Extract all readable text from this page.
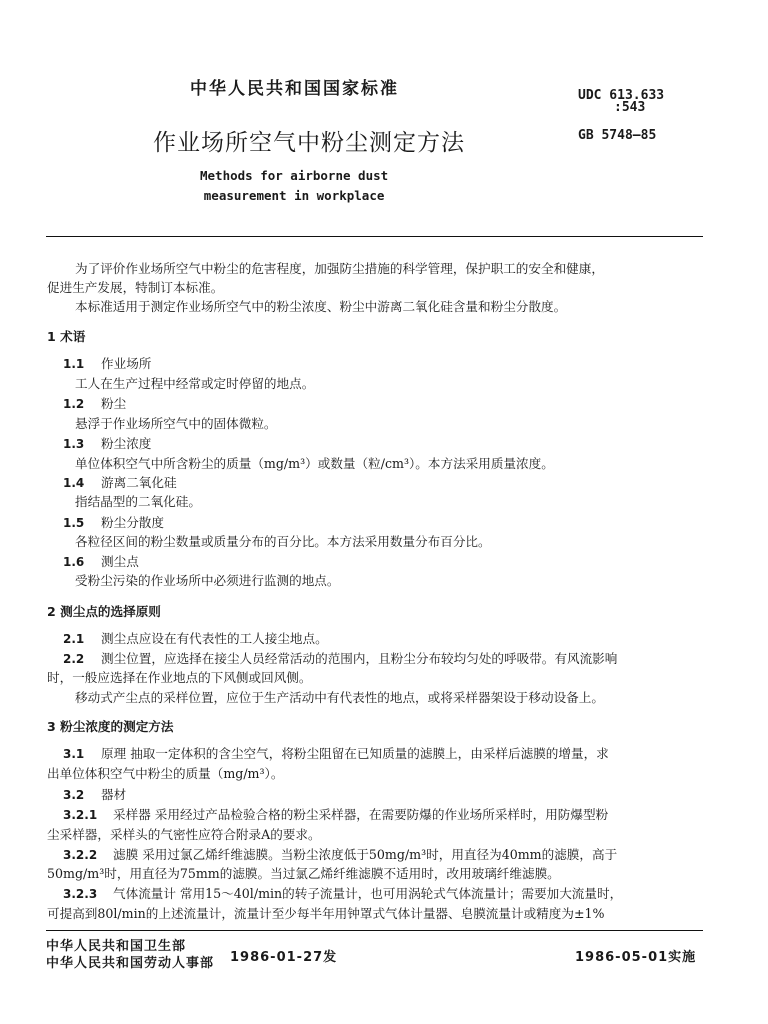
中华人民共和国国家标准	UDC 613.633
:543
作业场所空气中粉尘测定方法	GB 5748—85
Methods for airborne dust
measurement in workplace
为了评价作业场所空气中粉尘的危害程度，加强防尘措施的科学管理，保护职工的安全和健康，
促进生产发展，特制订本标准。
本标准适用于测定作业场所空气中的粉尘浓度、粉尘中游离二氧化硅含量和粉尘分散度。
1 术语
1.1 作业场所
工人在生产过程中经常或定时停留的地点。
1.2 粉尘
悬浮于作业场所空气中的固体微粒。
1.3 粉尘浓度
单位体积空气中所含粉尘的质量（mg/m³）或数量（粒/cm³）。本方法采用质量浓度。
1.4 游离二氧化硅
指结晶型的二氧化硅。
1.5 粉尘分散度
各粒径区间的粉尘数量或质量分布的百分比。本方法采用数量分布百分比。
1.6 测尘点
受粉尘污染的作业场所中必须进行监测的地点。
2 测尘点的选择原则
2.1 测尘点应设在有代表性的工人接尘地点。
2.2 测尘位置，应选择在接尘人员经常活动的范围内，且粉尘分布较均匀处的呼吸带。有风流影响
时，一般应选择在作业地点的下风侧或回风侧。
移动式产尘点的采样位置，应位于生产活动中有代表性的地点，或将采样器架设于移动设备上。
3 粉尘浓度的测定方法
3.1 原理 抽取一定体积的含尘空气，将粉尘阻留在已知质量的滤膜上，由采样后滤膜的增量，求
出单位体积空气中粉尘的质量（mg/m³）。
3.2 器材
3.2.1 采样器 采用经过产品检验合格的粉尘采样器，在需要防爆的作业场所采样时，用防爆型粉
尘采样器，采样头的气密性应符合附录A的要求。
3.2.2 滤膜 采用过氯乙烯纤维滤膜。当粉尘浓度低于50mg/m³时，用直径为40mm的滤膜，高于
50mg/m³时，用直径为75mm的滤膜。当过氯乙烯纤维滤膜不适用时，改用玻璃纤维滤膜。
3.2.3 气体流量计 常用15～40l/min的转子流量计，也可用涡轮式气体流量计；需要加大流量时，
可提高到80l/min的上述流量计，流量计至少每半年用钟罩式气体计量器、皂膜流量计或精度为±1%
中华人民共和国卫生部
中华人民共和国劳动人事部 1986-01-27发	1986-05-01实施
